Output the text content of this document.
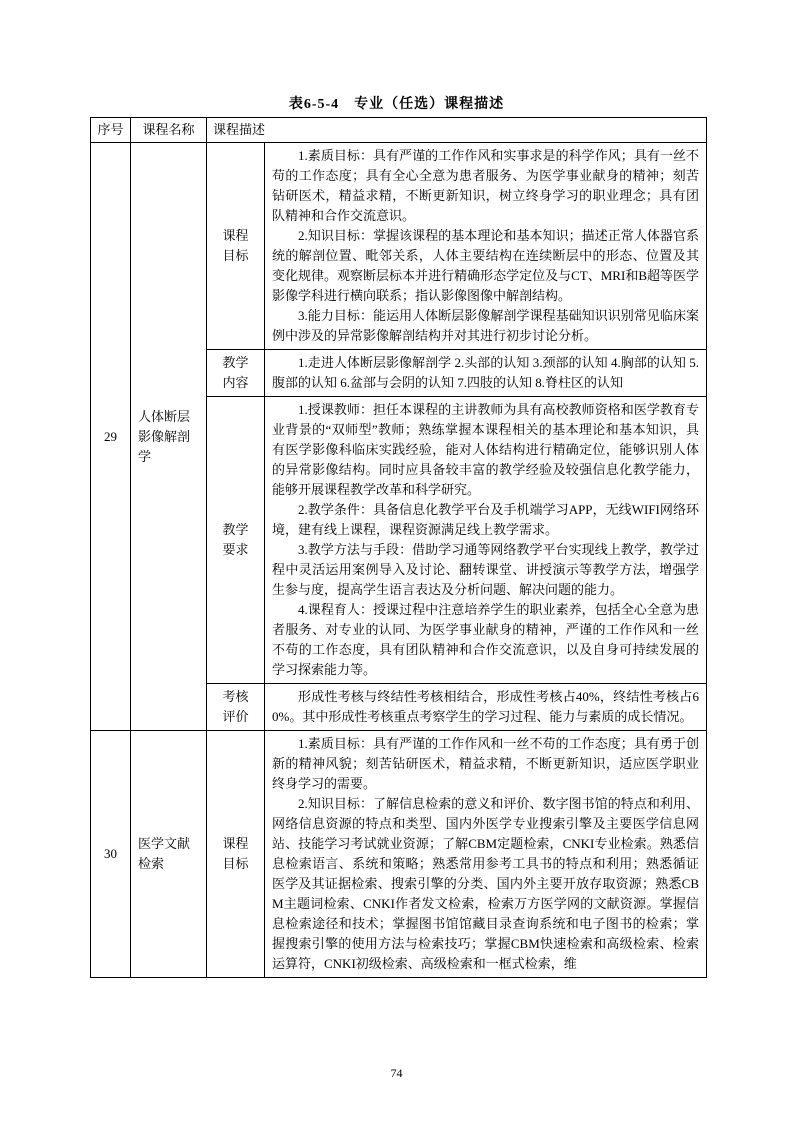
表6-5-4　专业（任选）课程描述
序号	课程名称	课程描述	
29	人体断层影像解剖学	课程目标	1.素质目标：具有严谨的工作作风和实事求是的科学作风；具有一丝不苟的工作态度；具有全心全意为患者服务、为医学事业献身的精神；刻苦钻研医术，精益求精，不断更新知识，树立终身学习的职业理念；具有团队精神和合作交流意识。

2.知识目标：掌握该课程的基本理论和基本知识；描述正常人体器官系统的解剖位置、毗邻关系，人体主要结构在连续断层中的形态、位置及其变化规律。观察断层标本并进行精确形态学定位及与CT、MRI和B超等医学影像学科进行横向联系；指认影像图像中解剖结构。

3.能力目标：能运用人体断层影像解剖学课程基础知识识别常见临床案例中涉及的异常影像解剖结构并对其进行初步讨论分析。

		教学内容	1.走进人体断层影像解剖学 2.头部的认知 3.颈部的认知 4.胸部的认知 5.腹部的认知 6.盆部与会阴的认知 7.四肢的认知 8.脊柱区的认知

		教学要求	1.授课教师：担任本课程的主讲教师为具有高校教师资格和医学教育专业背景的“双师型”教师；熟练掌握本课程相关的基本理论和基本知识，具有医学影像科临床实践经验，能对人体结构进行精确定位，能够识别人体的异常影像结构。同时应具备较丰富的教学经验及较强信息化教学能力，能够开展课程教学改革和科学研究。

2.教学条件：具备信息化教学平台及手机端学习APP，无线WIFI网络环境，建有线上课程，课程资源满足线上教学需求。

3.教学方法与手段：借助学习通等网络教学平台实现线上教学，教学过程中灵活运用案例导入及讨论、翻转课堂、讲授演示等教学方法，增强学生参与度，提高学生语言表达及分析问题、解决问题的能力。

4.课程育人：授课过程中注意培养学生的职业素养，包括全心全意为患者服务、对专业的认同、为医学事业献身的精神，严谨的工作作风和一丝不苟的工作态度，具有团队精神和合作交流意识，以及自身可持续发展的学习探索能力等。

		考核评价	形成性考核与终结性考核相结合，形成性考核占40%，终结性考核占60%。其中形成性考核重点考察学生的学习过程、能力与素质的成长情况。

30	医学文献检索	课程目标	1.素质目标：具有严谨的工作作风和一丝不苟的工作态度；具有勇于创新的精神风貌；刻苦钻研医术，精益求精，不断更新知识，适应医学职业终身学习的需要。

2.知识目标：了解信息检索的意义和评价、数字图书馆的特点和利用、网络信息资源的特点和类型、国内外医学专业搜索引擎及主要医学信息网站、技能学习考试就业资源；了解CBM定题检索，CNKI专业检索。熟悉信息检索语言、系统和策略；熟悉常用参考工具书的特点和利用；熟悉循证医学及其证据检索、搜索引擎的分类、国内外主要开放存取资源；熟悉CBM主题词检索、CNKI作者发文检索，检索万方医学网的文献资源。掌握信息检索途径和技术；掌握图书馆馆藏目录查询系统和电子图书的检索；掌握搜索引擎的使用方法与检索技巧；掌握CBM快速检索和高级检索、检索运算符，CNKI初级检索、高级检索和一框式检索，维

74
